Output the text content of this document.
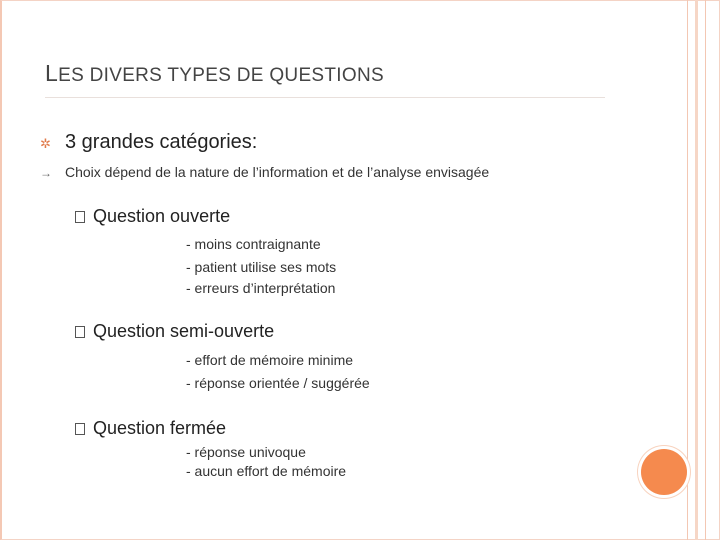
LES DIVERS TYPES DE QUESTIONS
✲ 3 grandes catégories:
→ Choix dépend de la nature de l’information et de l’analyse envisagée
Question ouverte
- moins contraignante
- patient utilise ses mots
- erreurs d’interprétation
Question semi-ouverte
- effort de mémoire minime
- réponse orientée / suggérée
Question fermée
- réponse univoque
- aucun effort de mémoire
